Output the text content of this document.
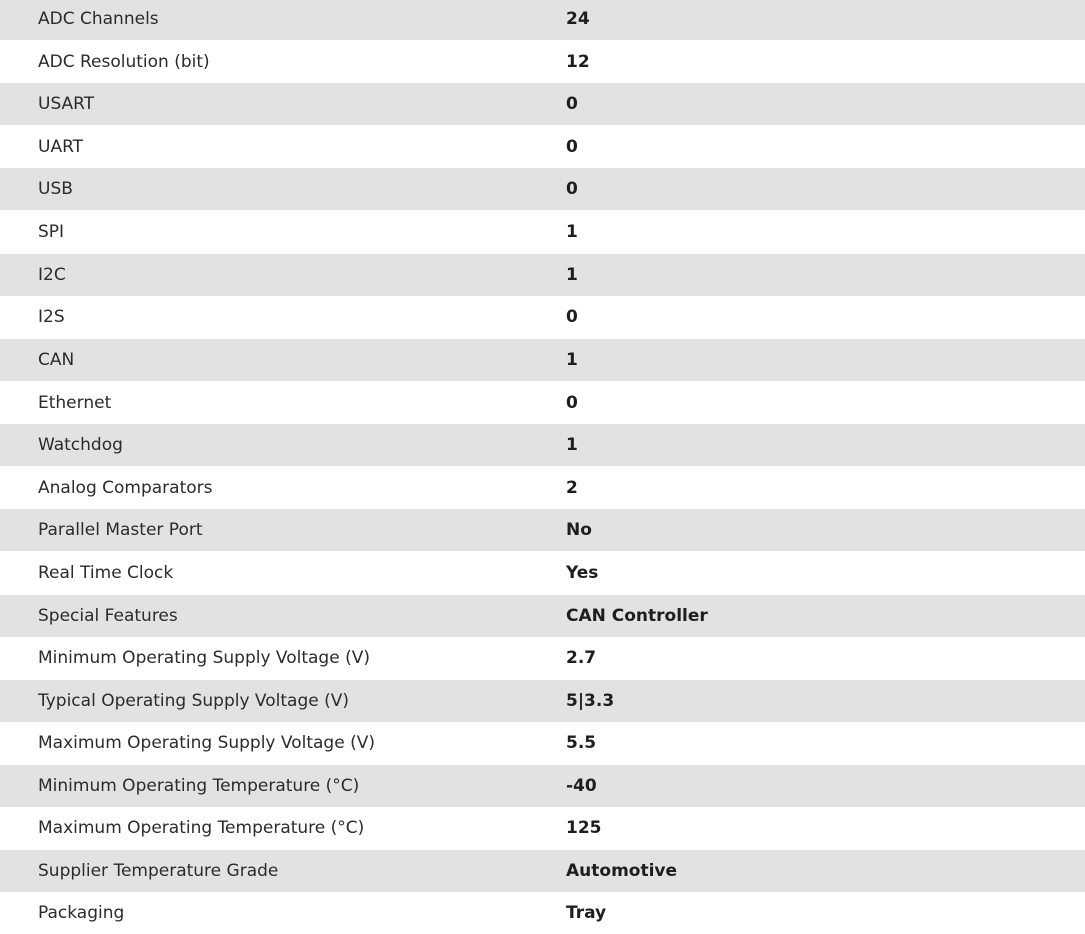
ADC Channels	24
ADC Resolution (bit)	12
USART	0
UART	0
USB	0
SPI	1
I2C	1
I2S	0
CAN	1
Ethernet	0
Watchdog	1
Analog Comparators	2
Parallel Master Port	No
Real Time Clock	Yes
Special Features	CAN Controller
Minimum Operating Supply Voltage (V)	2.7
Typical Operating Supply Voltage (V)	5|3.3
Maximum Operating Supply Voltage (V)	5.5
Minimum Operating Temperature (°C)	-40
Maximum Operating Temperature (°C)	125
Supplier Temperature Grade	Automotive
Packaging	Tray
